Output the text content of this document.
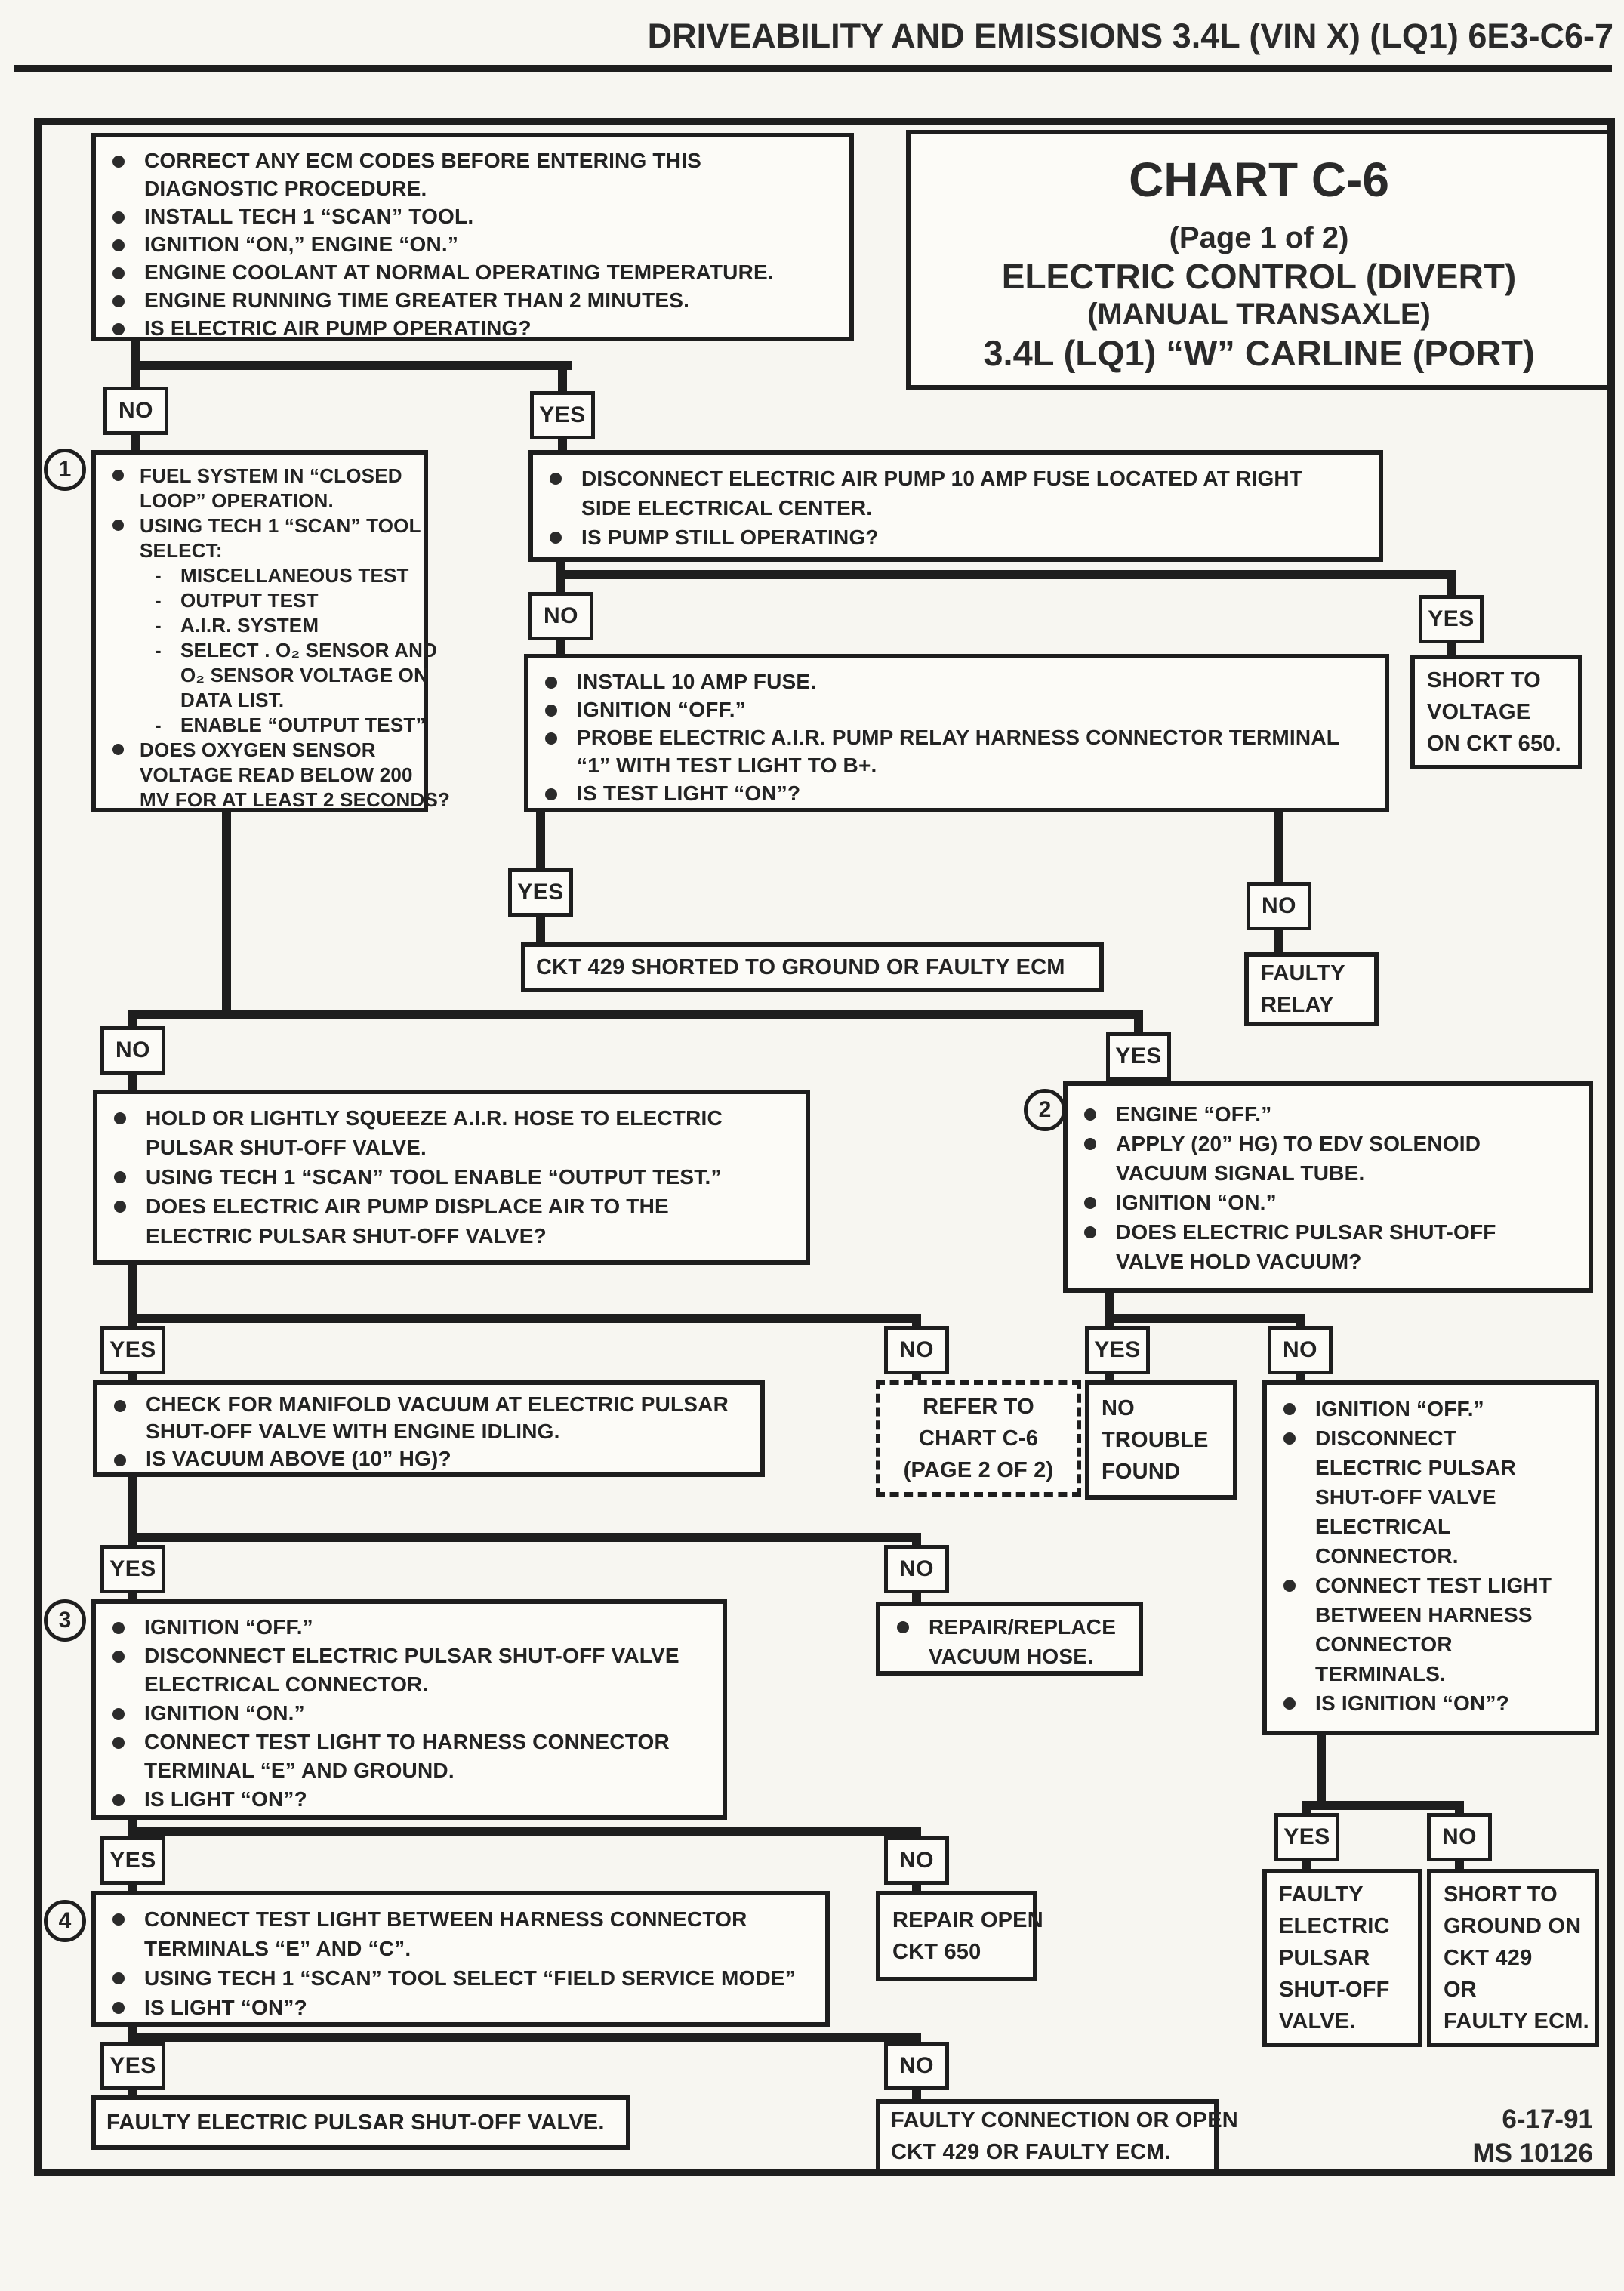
DRIVEABILITY AND EMISSIONS 3.4L (VIN X) (LQ1) 6E3-C6-7
CHART C-6
(Page 1 of 2)
ELECTRIC CONTROL (DIVERT)
(MANUAL TRANSAXLE)
3.4L (LQ1) “W” CARLINE (PORT)
CORRECT ANY ECM CODES BEFORE ENTERING THIS
DIAGNOSTIC PROCEDURE.
INSTALL TECH 1 “SCAN” TOOL.
IGNITION “ON,” ENGINE “ON.”
ENGINE COOLANT AT NORMAL OPERATING TEMPERATURE.
ENGINE RUNNING TIME GREATER THAN 2 MINUTES.
IS ELECTRIC AIR PUMP OPERATING?
1	FUEL SYSTEM IN “CLOSED
LOOP” OPERATION.
USING TECH 1 “SCAN” TOOL
SELECT:
- MISCELLANEOUS TEST
- OUTPUT TEST
- A.I.R. SYSTEM
- SELECT . O₂ SENSOR AND
O₂ SENSOR VOLTAGE ON
DATA LIST.
- ENABLE “OUTPUT TEST”
DOES OXYGEN SENSOR
VOLTAGE READ BELOW 200
MV FOR AT LEAST 2 SECONDS?
DISCONNECT ELECTRIC AIR PUMP 10 AMP FUSE LOCATED AT RIGHT
SIDE ELECTRICAL CENTER.
IS PUMP STILL OPERATING?
SHORT TO
VOLTAGE
ON CKT 650.
INSTALL 10 AMP FUSE.
IGNITION “OFF.”
PROBE ELECTRIC A.I.R. PUMP RELAY HARNESS CONNECTOR TERMINAL
“1” WITH TEST LIGHT TO B+.
IS TEST LIGHT “ON”?
CKT 429 SHORTED TO GROUND OR FAULTY ECM	FAULTY
RELAY
HOLD OR LIGHTLY SQUEEZE A.I.R. HOSE TO ELECTRIC
PULSAR SHUT-OFF VALVE.
USING TECH 1 “SCAN” TOOL ENABLE “OUTPUT TEST.”
DOES ELECTRIC AIR PUMP DISPLACE AIR TO THE
ELECTRIC PULSAR SHUT-OFF VALVE?
2	ENGINE “OFF.”
APPLY (20” HG) TO EDV SOLENOID
VACUUM SIGNAL TUBE.
IGNITION “ON.”
DOES ELECTRIC PULSAR SHUT-OFF
VALVE HOLD VACUUM?
CHECK FOR MANIFOLD VACUUM AT ELECTRIC PULSAR
SHUT-OFF VALVE WITH ENGINE IDLING.
IS VACUUM ABOVE (10” HG)?
REFER TO
CHART C-6
(PAGE 2 OF 2)
NO
TROUBLE
FOUND
IGNITION “OFF.”
DISCONNECT
ELECTRIC PULSAR
SHUT-OFF VALVE
ELECTRICAL
CONNECTOR.
CONNECT TEST LIGHT
BETWEEN HARNESS
CONNECTOR
TERMINALS.
IS IGNITION “ON”?
REPAIR/REPLACE
VACUUM HOSE.
3	IGNITION “OFF.”
DISCONNECT ELECTRIC PULSAR SHUT-OFF VALVE
ELECTRICAL CONNECTOR.
IGNITION “ON.”
CONNECT TEST LIGHT TO HARNESS CONNECTOR
TERMINAL “E” AND GROUND.
IS LIGHT “ON”?
REPAIR OPEN
CKT 650
4	CONNECT TEST LIGHT BETWEEN HARNESS CONNECTOR
TERMINALS “E” AND “C”.
USING TECH 1 “SCAN” TOOL SELECT “FIELD SERVICE MODE”
IS LIGHT “ON”?
FAULTY
ELECTRIC
PULSAR
SHUT-OFF
VALVE.
SHORT TO
GROUND ON
CKT 429
OR
FAULTY ECM.
FAULTY ELECTRIC PULSAR SHUT-OFF VALVE.	FAULTY CONNECTION OR OPEN
CKT 429 OR FAULTY ECM.
NO	YES
NO	YES
YES
NO
NO	YES
YES	NO	YES	NO
YES	NO
YES	NO
YES	NO
YES	NO
6-17-91
MS 10126
